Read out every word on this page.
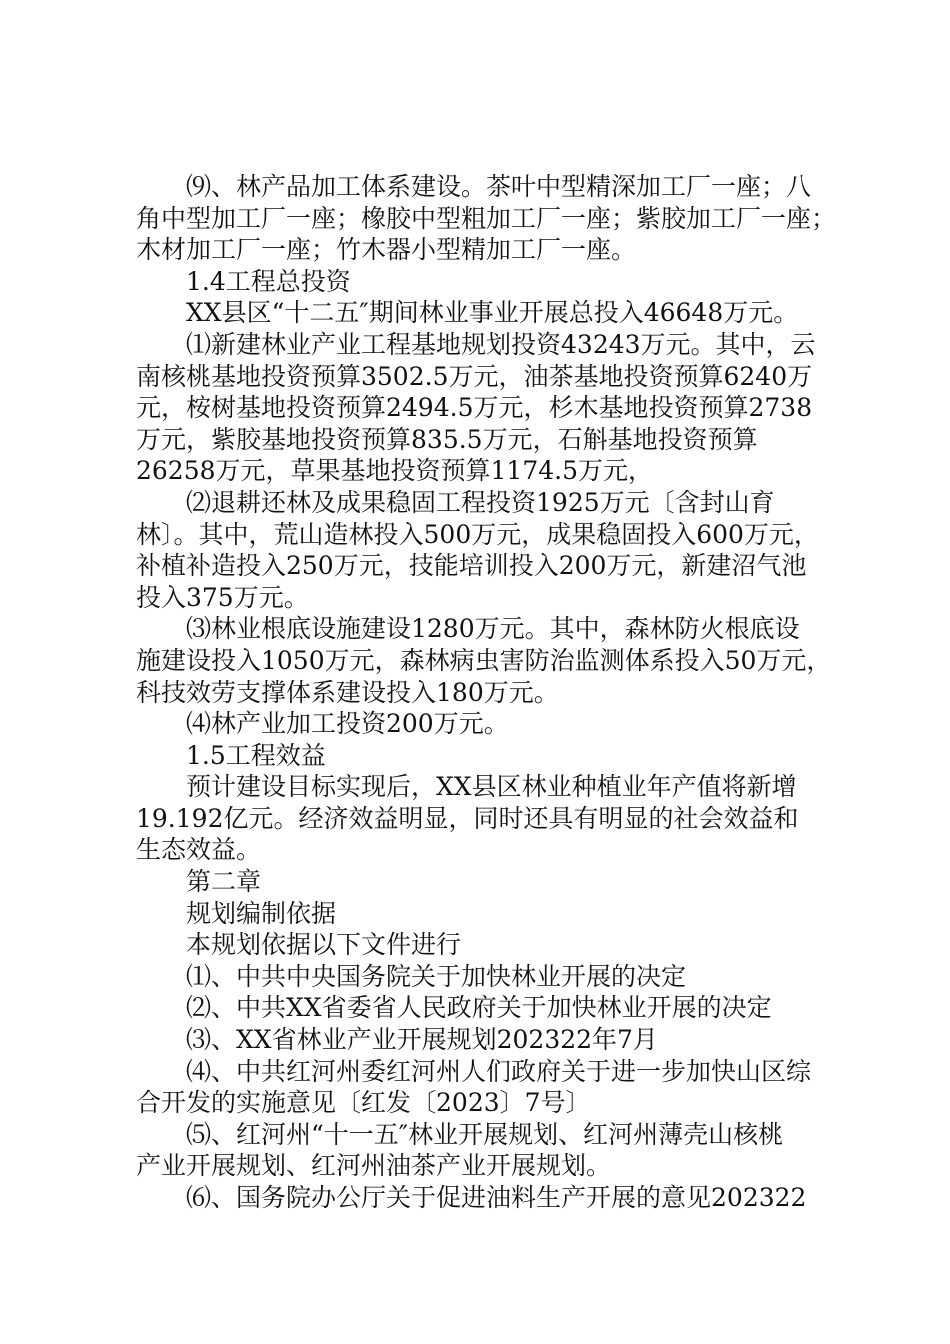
⑼、林产品加工体系建设。茶叶中型精深加工厂一座；八
角中型加工厂一座；橡胶中型粗加工厂一座；紫胶加工厂一座；
木材加工厂一座；竹木器小型精加工厂一座。
1.4工程总投资
XX县区“十二五″期间林业事业开展总投入46648万元。
⑴新建林业产业工程基地规划投资43243万元。其中，云
南核桃基地投资预算3502.5万元，油茶基地投资预算6240万
元，桉树基地投资预算2494.5万元，杉木基地投资预算2738
万元，紫胶基地投资预算835.5万元，石斛基地投资预算
26258万元，草果基地投资预算1174.5万元，
⑵退耕还林及成果稳固工程投资1925万元〔含封山育
林〕。其中，荒山造林投入500万元，成果稳固投入600万元，
补植补造投入250万元，技能培训投入200万元，新建沼气池
投入375万元。
⑶林业根底设施建设1280万元。其中，森林防火根底设
施建设投入1050万元，森林病虫害防治监测体系投入50万元，
科技效劳支撑体系建设投入180万元。
⑷林产业加工投资200万元。
1.5工程效益
预计建设目标实现后，XX县区林业种植业年产值将新增
19.192亿元。经济效益明显，同时还具有明显的社会效益和
生态效益。
第二章
规划编制依据
本规划依据以下文件进行
⑴、中共中央国务院关于加快林业开展的决定
⑵、中共XX省委省人民政府关于加快林业开展的决定
⑶、XX省林业产业开展规划202322年7月
⑷、中共红河州委红河州人们政府关于进一步加快山区综
合开发的实施意见〔红发〔2023〕7号〕
⑸、红河州“十一五″林业开展规划、红河州薄壳山核桃
产业开展规划、红河州油茶产业开展规划。
⑹、国务院办公厅关于促进油料生产开展的意见202322
